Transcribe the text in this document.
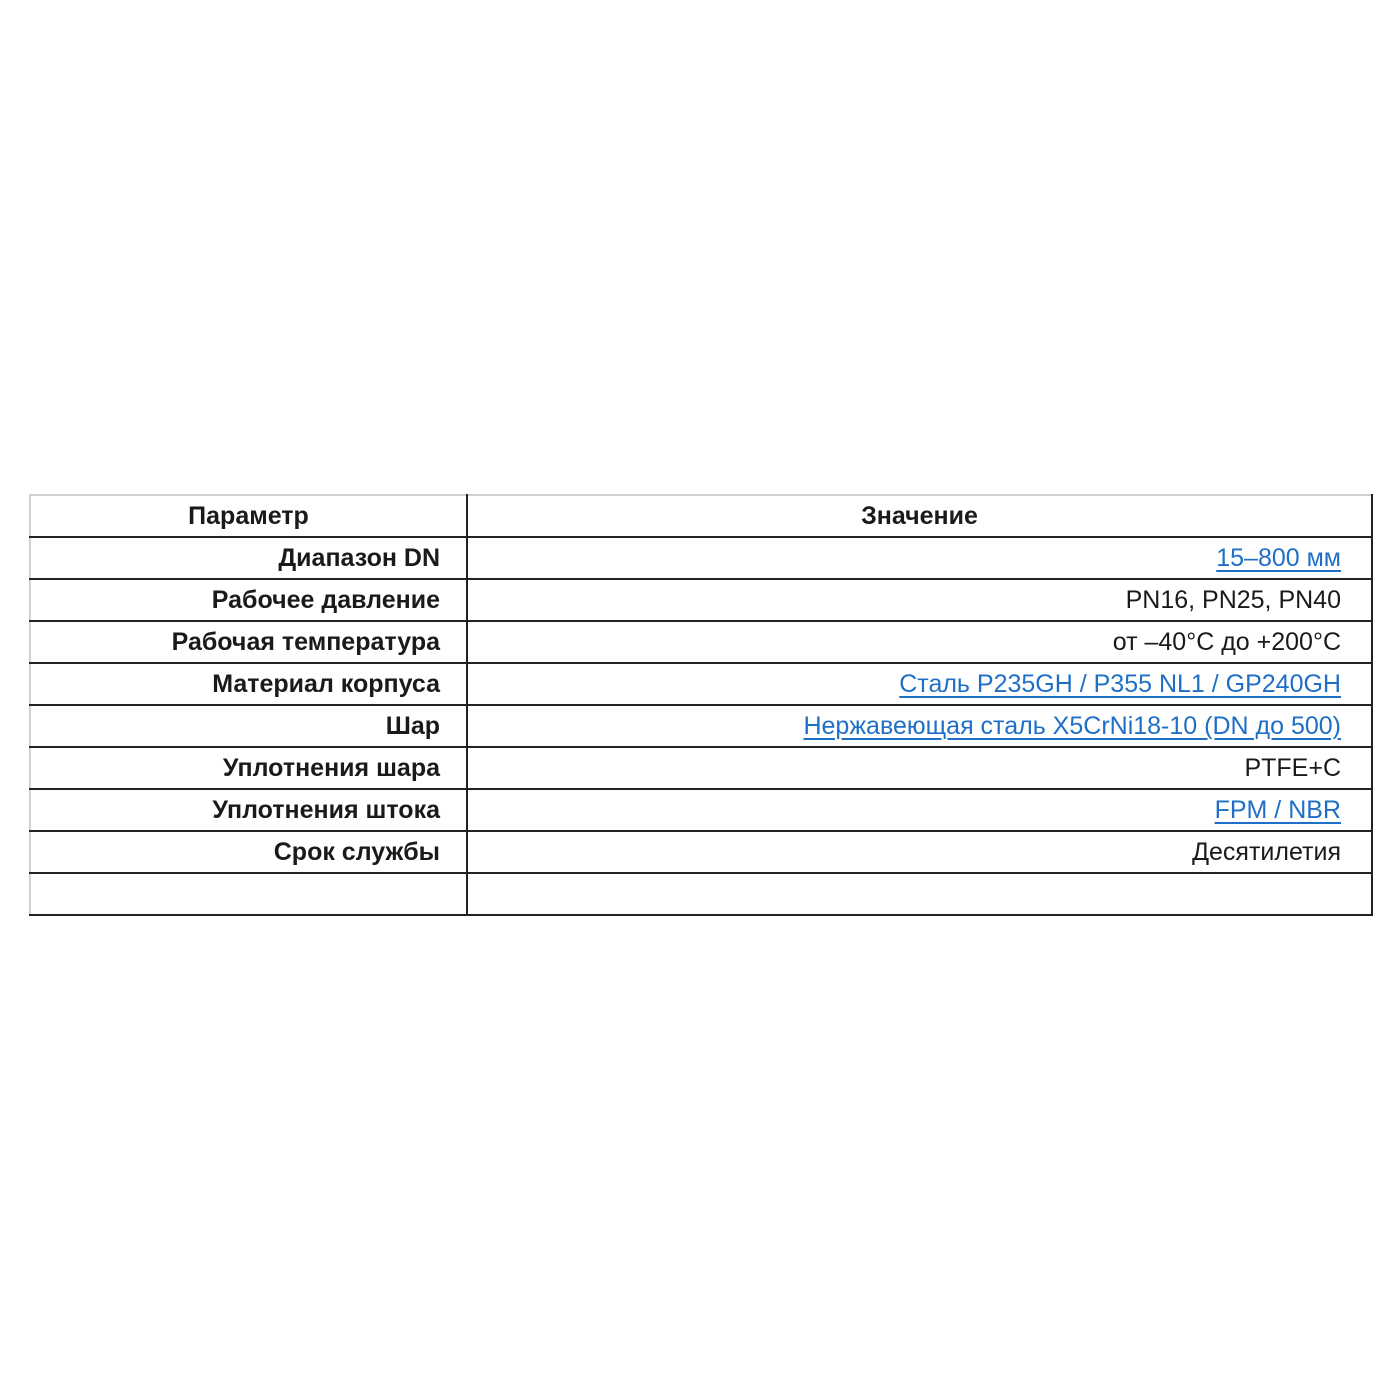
Параметр	Значение
Диапазон DN	15–800 мм
Рабочее давление	PN16, PN25, PN40
Рабочая температура	от –40°C до +200°C
Материал корпуса	Сталь P235GH / P355 NL1 / GP240GH
Шар	Нержавеющая сталь X5CrNi18-10 (DN до 500)
Уплотнения шара	PTFE+C
Уплотнения штока	FPM / NBR
Срок службы	Десятилетия
